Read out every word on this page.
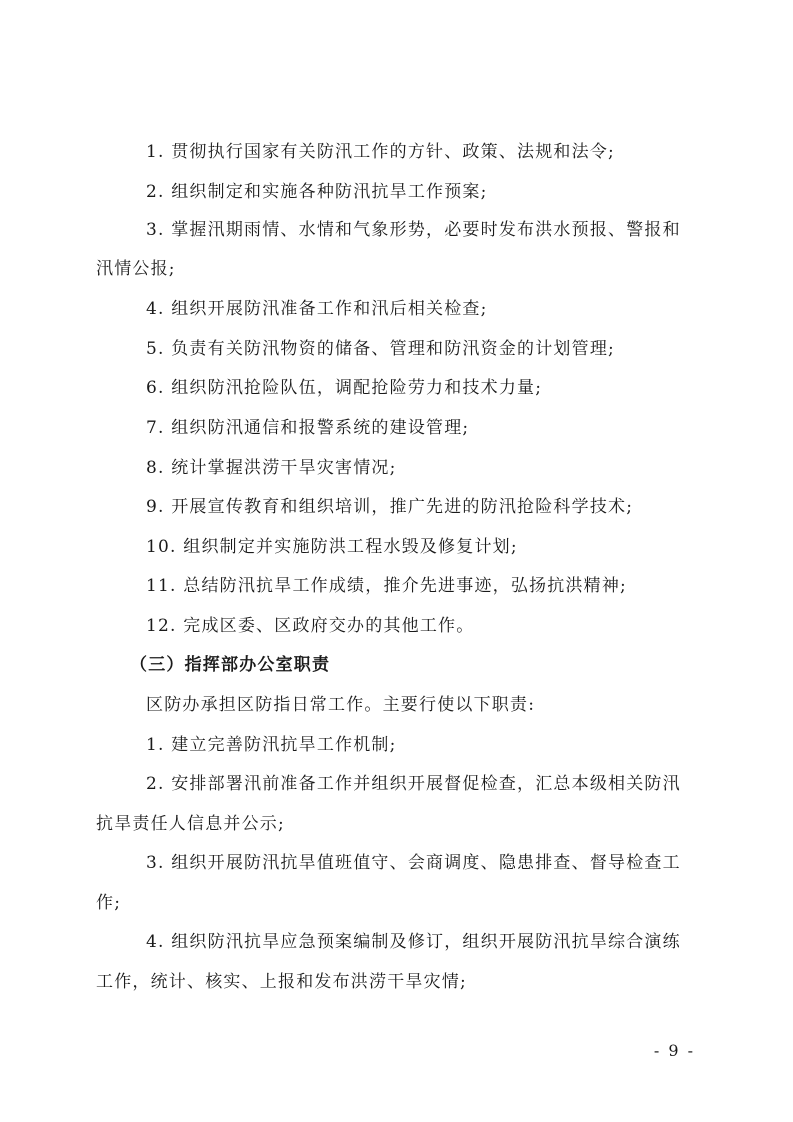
1. 贯彻执行国家有关防汛工作的方针、政策、法规和法令;
2. 组织制定和实施各种防汛抗旱工作预案;
3. 掌握汛期雨情、水情和气象形势，必要时发布洪水预报、警报和
汛情公报;
4. 组织开展防汛准备工作和汛后相关检查;
5. 负责有关防汛物资的储备、管理和防汛资金的计划管理;
6. 组织防汛抢险队伍，调配抢险劳力和技术力量;
7. 组织防汛通信和报警系统的建设管理;
8. 统计掌握洪涝干旱灾害情况;
9. 开展宣传教育和组织培训，推广先进的防汛抢险科学技术;
10. 组织制定并实施防洪工程水毁及修复计划;
11. 总结防汛抗旱工作成绩，推介先进事迹，弘扬抗洪精神;
12. 完成区委、区政府交办的其他工作。
（三）指挥部办公室职责
区防办承担区防指日常工作。主要行使以下职责:
1. 建立完善防汛抗旱工作机制;
2. 安排部署汛前准备工作并组织开展督促检查，汇总本级相关防汛
抗旱责任人信息并公示;
3. 组织开展防汛抗旱值班值守、会商调度、隐患排查、督导检查工
作;
4. 组织防汛抗旱应急预案编制及修订，组织开展防汛抗旱综合演练
工作，统计、核实、上报和发布洪涝干旱灾情;
- 9 -
